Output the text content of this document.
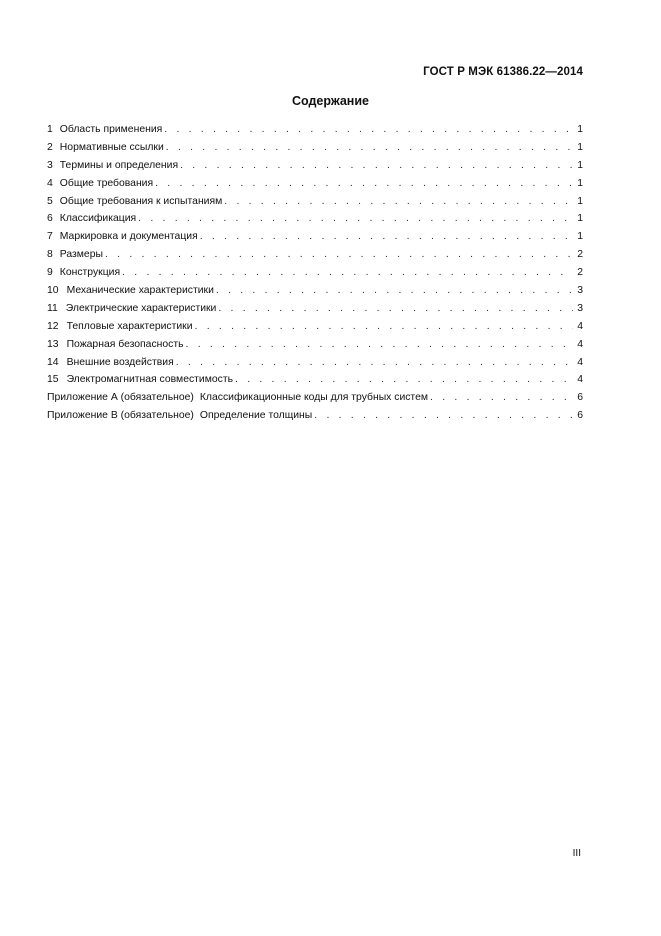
ГОСТ Р МЭК 61386.22—2014
Содержание
1 Область применения . . .	1
2 Нормативные ссылки . . .	1
3 Термины и определения . . .	1
4 Общие требования . . .	1
5 Общие требования к испытаниям . . .	1
6 Классификация . . .	1
7 Маркировка и документация . . .	1
8 Размеры . . .	2
9 Конструкция . . .	2
10 Механические характеристики . . .	3
11 Электрические характеристики . . .	3
12 Тепловые характеристики . . .	4
13 Пожарная безопасность . . .	4
14 Внешние воздействия . . .	4
15 Электромагнитная совместимость . . .	4
Приложение А (обязательное) Классификационные коды для трубных систем . . .	6
Приложение В (обязательное) Определение толщины . . .	6
III
